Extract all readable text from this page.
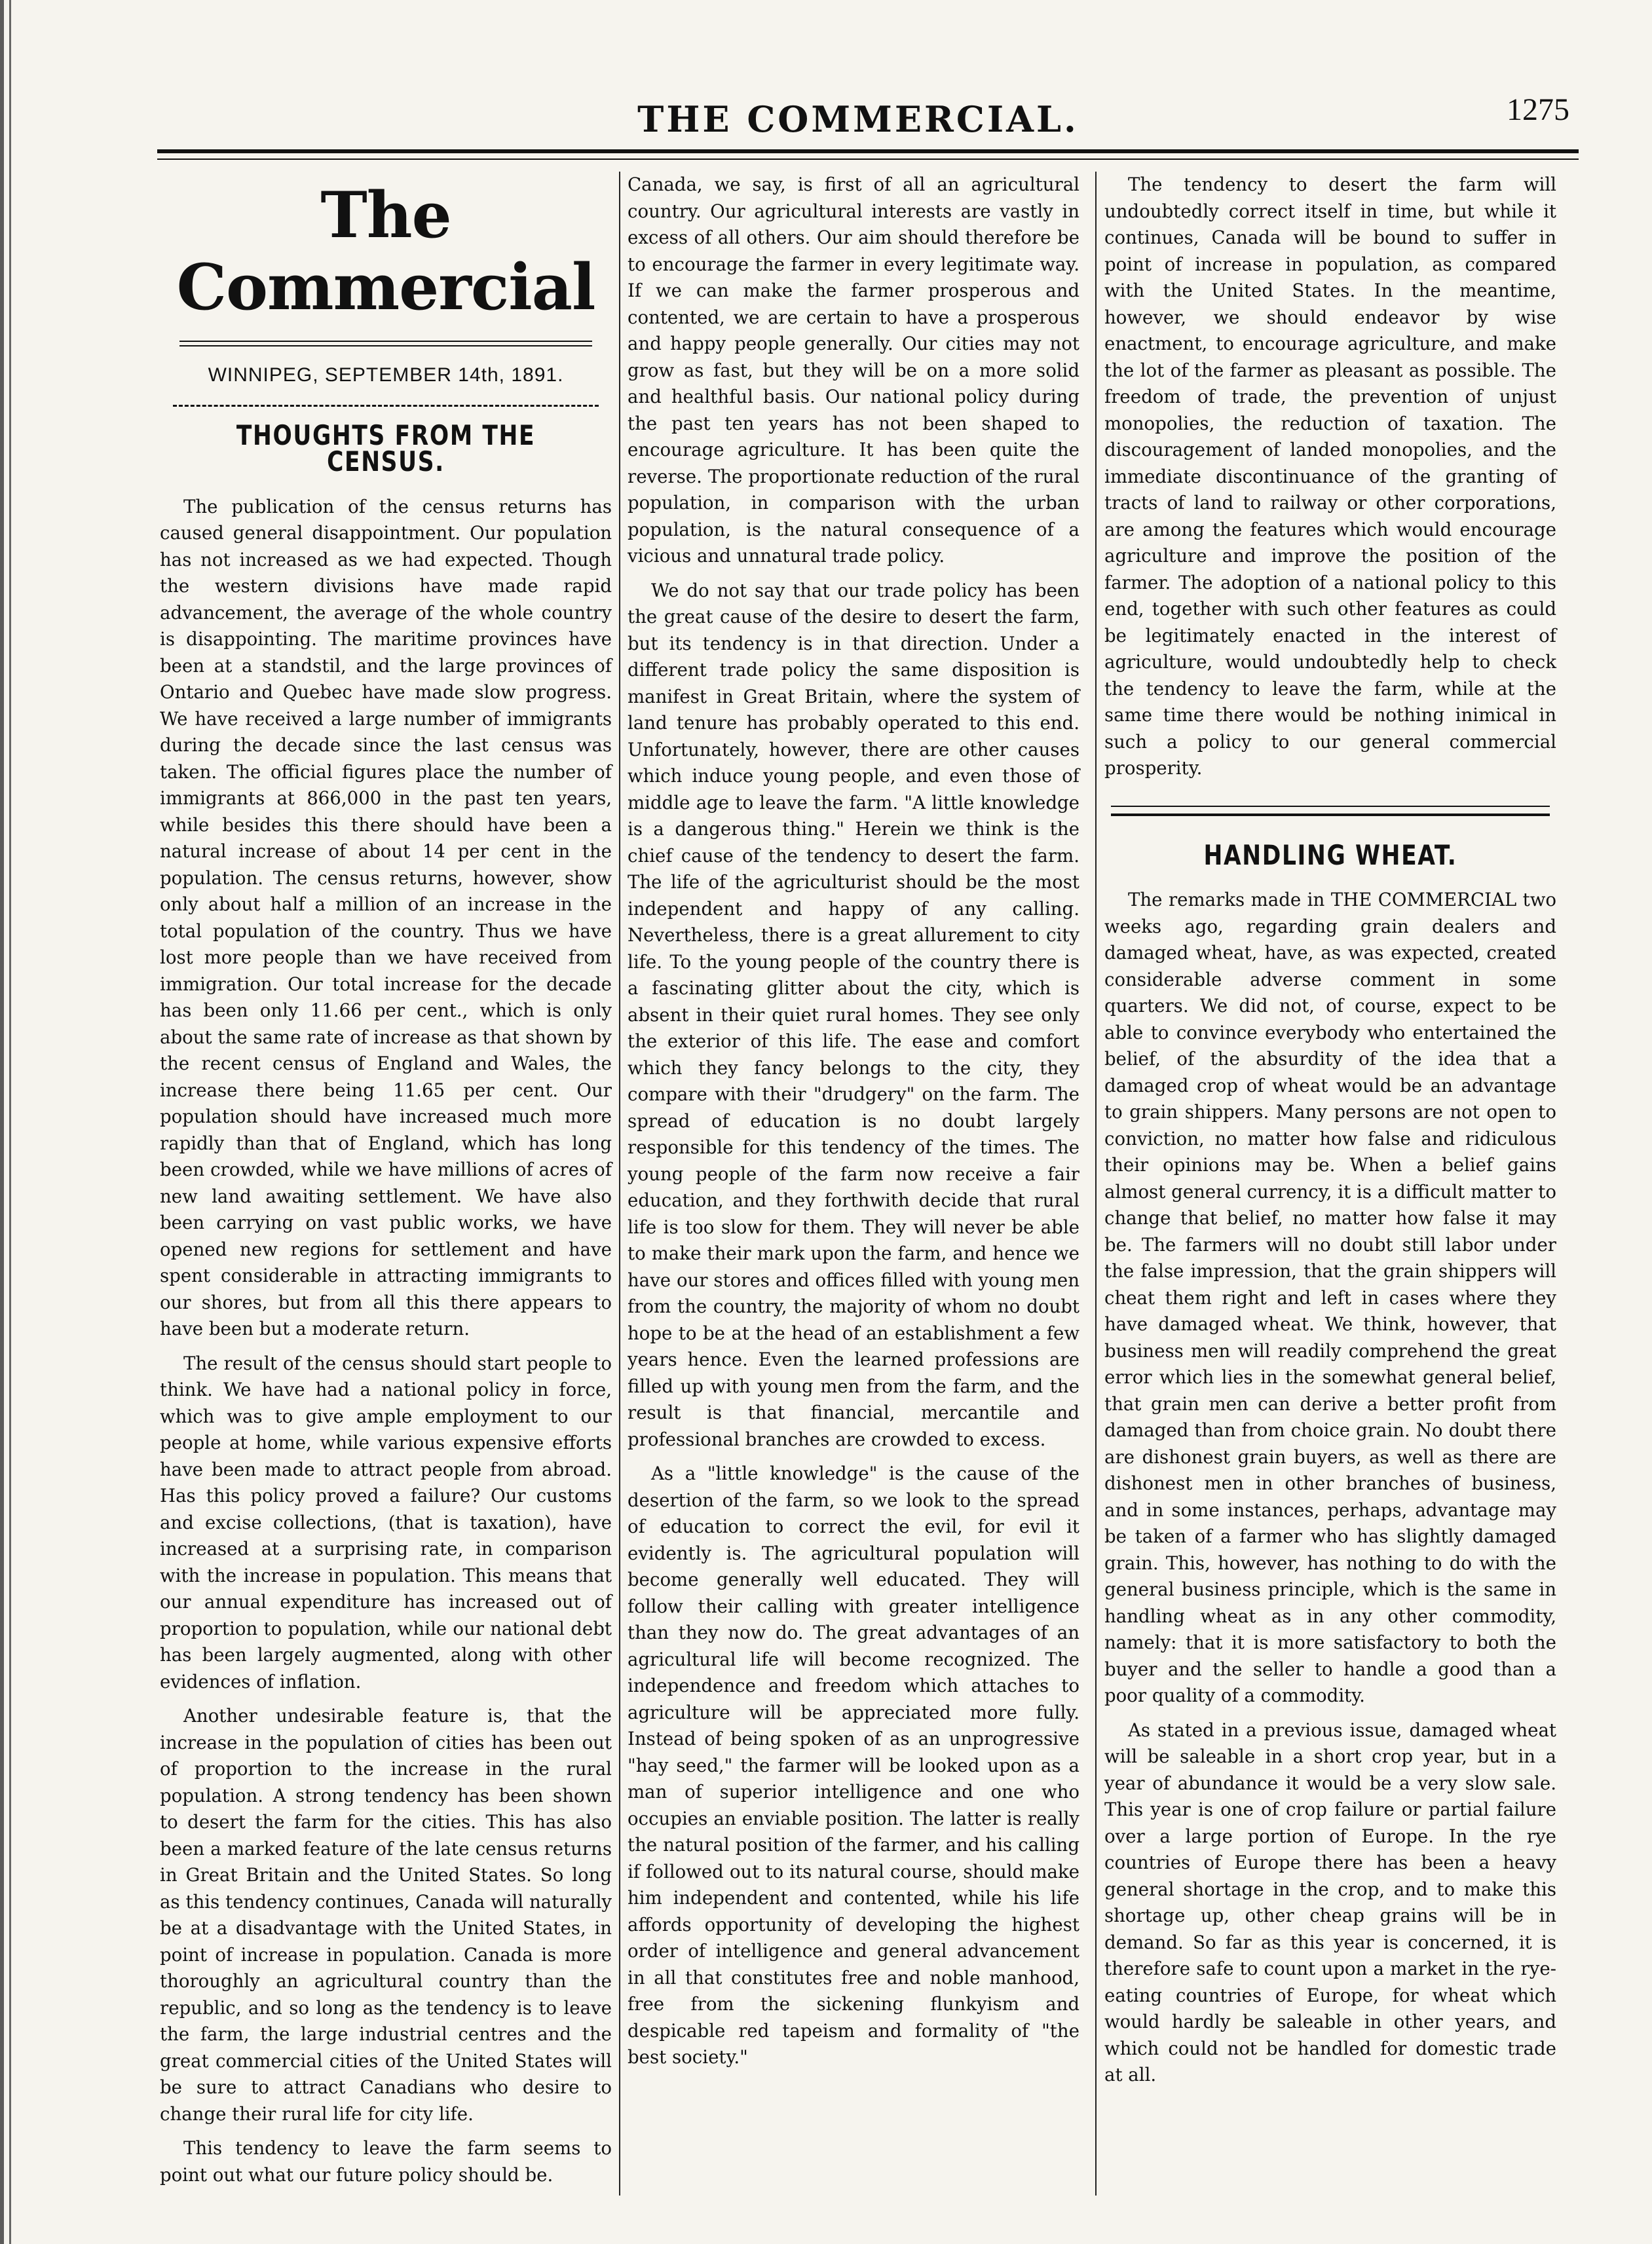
THE COMMERCIAL.	1275
The Commercial
WINNIPEG, SEPTEMBER 14th, 1891.
THOUGHTS FROM THE CENSUS.

The publication of the census returns has caused general disappointment. Our population has not increased as we had expected. Though the western divisions have made rapid advancement, the average of the whole country is disappointing. The maritime provinces have been at a standstil, and the large provinces of Ontario and Quebec have made slow progress. We have received a large number of immigrants during the decade since the last census was taken. The official figures place the number of immigrants at 866,000 in the past ten years, while besides this there should have been a natural increase of about 14 per cent in the population. The census returns, however, show only about half a million of an increase in the total population of the country. Thus we have lost more people than we have received from immigration. Our total increase for the decade has been only 11.66 per cent., which is only about the same rate of increase as that shown by the recent census of England and Wales, the increase there being 11.65 per cent. Our population should have increased much more rapidly than that of England, which has long been crowded, while we have millions of acres of new land awaiting settlement. We have also been carrying on vast public works, we have opened new regions for settlement and have spent considerable in attracting immigrants to our shores, but from all this there appears to have been but a moderate return.

The result of the census should start people to think. We have had a national policy in force, which was to give ample employment to our people at home, while various expensive efforts have been made to attract people from abroad. Has this policy proved a failure? Our customs and excise collections, (that is taxation), have increased at a surprising rate, in comparison with the increase in population. This means that our annual expenditure has increased out of proportion to population, while our national debt has been largely augmented, along with other evidences of inflation.

Another undesirable feature is, that the increase in the population of cities has been out of proportion to the increase in the rural population. A strong tendency has been shown to desert the farm for the cities. This has also been a marked feature of the late census returns in Great Britain and the United States. So long as this tendency continues, Canada will naturally be at a disadvantage with the United States, in point of increase in population. Canada is more thoroughly an agricultural country than the republic, and so long as the tendency is to leave the farm, the large industrial centres and the great commercial cities of the United States will be sure to attract Canadians who desire to change their rural life for city life.

This tendency to leave the farm seems to point out what our future policy should be.

Canada, we say, is first of all an agricultural country. Our agricultural interests are vastly in excess of all others. Our aim should therefore be to encourage the farmer in every legitimate way. If we can make the farmer prosperous and contented, we are certain to have a prosperous and happy people generally. Our cities may not grow as fast, but they will be on a more solid and healthful basis. Our national policy during the past ten years has not been shaped to encourage agriculture. It has been quite the reverse. The proportionate reduction of the rural population, in comparison with the urban population, is the natural consequence of a vicious and unnatural trade policy.

We do not say that our trade policy has been the great cause of the desire to desert the farm, but its tendency is in that direction. Under a different trade policy the same disposition is manifest in Great Britain, where the system of land tenure has probably operated to this end. Unfortunately, however, there are other causes which induce young people, and even those of middle age to leave the farm. "A little knowledge is a dangerous thing." Herein we think is the chief cause of the tendency to desert the farm. The life of the agriculturist should be the most independent and happy of any calling. Nevertheless, there is a great allurement to city life. To the young people of the country there is a fascinating glitter about the city, which is absent in their quiet rural homes. They see only the exterior of this life. The ease and comfort which they fancy belongs to the city, they compare with their "drudgery" on the farm. The spread of education is no doubt largely responsible for this tendency of the times. The young people of the farm now receive a fair education, and they forthwith decide that rural life is too slow for them. They will never be able to make their mark upon the farm, and hence we have our stores and offices filled with young men from the country, the majority of whom no doubt hope to be at the head of an establishment a few years hence. Even the learned professions are filled up with young men from the farm, and the result is that financial, mercantile and professional branches are crowded to excess.

As a "little knowledge" is the cause of the desertion of the farm, so we look to the spread of education to correct the evil, for evil it evidently is. The agricultural population will become generally well educated. They will follow their calling with greater intelligence than they now do. The great advantages of an agricultural life will become recognized. The independence and freedom which attaches to agriculture will be appreciated more fully. Instead of being spoken of as an unprogressive "hay seed," the farmer will be looked upon as a man of superior intelligence and one who occupies an enviable position. The latter is really the natural position of the farmer, and his calling if followed out to its natural course, should make him independent and contented, while his life affords opportunity of developing the highest order of intelligence and general advancement in all that constitutes free and noble manhood, free from the sickening flunkyism and despicable red tapeism and formality of "the best society."

The tendency to desert the farm will undoubtedly correct itself in time, but while it continues, Canada will be bound to suffer in point of increase in population, as compared with the United States. In the meantime, however, we should endeavor by wise enactment, to encourage agriculture, and make the lot of the farmer as pleasant as possible. The freedom of trade, the prevention of unjust monopolies, the reduction of taxation. The discouragement of landed monopolies, and the immediate discontinuance of the granting of tracts of land to railway or other corporations, are among the features which would encourage agriculture and improve the position of the farmer. The adoption of a national policy to this end, together with such other features as could be legitimately enacted in the interest of agriculture, would undoubtedly help to check the tendency to leave the farm, while at the same time there would be nothing inimical in such a policy to our general commercial prosperity.

HANDLING WHEAT.

The remarks made in THE COMMERCIAL two weeks ago, regarding grain dealers and damaged wheat, have, as was expected, created considerable adverse comment in some quarters. We did not, of course, expect to be able to convince everybody who entertained the belief, of the absurdity of the idea that a damaged crop of wheat would be an advantage to grain shippers. Many persons are not open to conviction, no matter how false and ridiculous their opinions may be. When a belief gains almost general currency, it is a difficult matter to change that belief, no matter how false it may be. The farmers will no doubt still labor under the false impression, that the grain shippers will cheat them right and left in cases where they have damaged wheat. We think, however, that business men will readily comprehend the great error which lies in the somewhat general belief, that grain men can derive a better profit from damaged than from choice grain. No doubt there are dishonest grain buyers, as well as there are dishonest men in other branches of business, and in some instances, perhaps, advantage may be taken of a farmer who has slightly damaged grain. This, however, has nothing to do with the general business principle, which is the same in handling wheat as in any other commodity, namely: that it is more satisfactory to both the buyer and the seller to handle a good than a poor quality of a commodity.

As stated in a previous issue, damaged wheat will be saleable in a short crop year, but in a year of abundance it would be a very slow sale. This year is one of crop failure or partial failure over a large portion of Europe. In the rye countries of Europe there has been a heavy general shortage in the crop, and to make this shortage up, other cheap grains will be in demand. So far as this year is concerned, it is therefore safe to count upon a market in the rye-eating countries of Europe, for wheat which would hardly be saleable in other years, and which could not be handled for domestic trade at all.
